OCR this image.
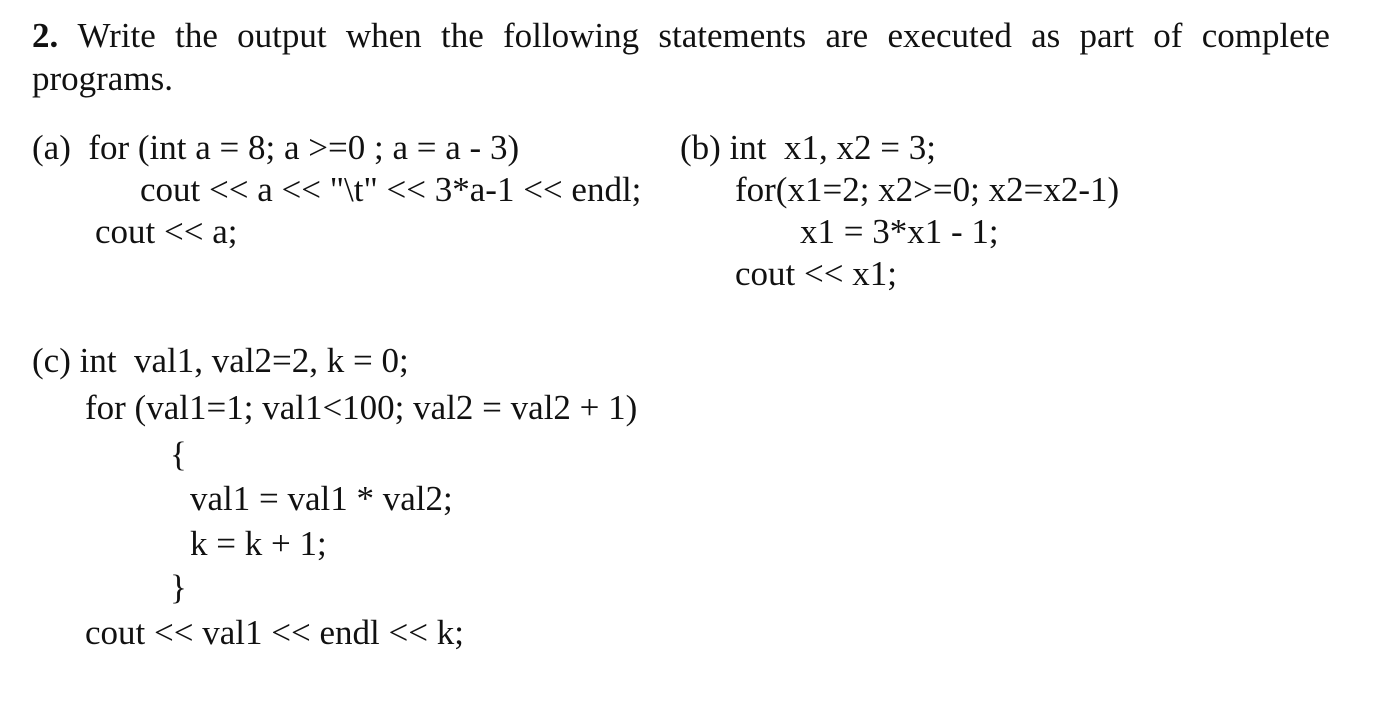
2. Write the output when the following statements are executed as part of complete
programs.
(a)  for (int a = 8; a >=0 ; a = a - 3)
cout << a << "\t" << 3*a-1 << endl;
cout << a;
(b) int  x1, x2 = 3;
for(x1=2; x2>=0; x2=x2-1)
x1 = 3*x1 - 1;
cout << x1;
(c) int  val1, val2=2, k = 0;
for (val1=1; val1<100; val2 = val2 + 1)
{
val1 = val1 * val2;
k = k + 1;
}
cout << val1 << endl << k;
